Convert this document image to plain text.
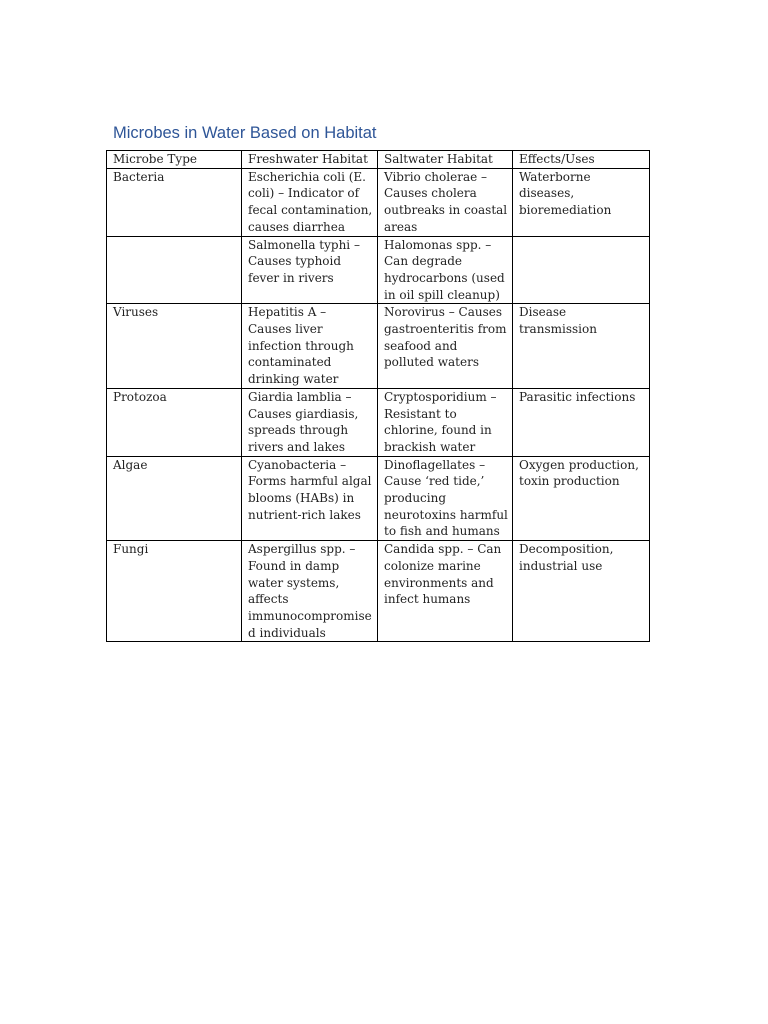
Microbes in Water Based on Habitat
Microbe Type	Freshwater Habitat	Saltwater Habitat	Effects/Uses
Bacteria	Escherichia coli (E. coli) – Indicator of fecal contamination, causes diarrhea	Vibrio cholerae – Causes cholera outbreaks in coastal areas	Waterborne diseases, bioremediation
	Salmonella typhi – Causes typhoid fever in rivers	Halomonas spp. – Can degrade hydrocarbons (used in oil spill cleanup)	
Viruses	Hepatitis A – Causes liver infection through contaminated drinking water	Norovirus – Causes gastroenteritis from seafood and polluted waters	Disease transmission
Protozoa	Giardia lamblia – Causes giardiasis, spreads through rivers and lakes	Cryptosporidium – Resistant to chlorine, found in brackish water	Parasitic infections
Algae	Cyanobacteria – Forms harmful algal blooms (HABs) in nutrient-rich lakes	Dinoflagellates – Cause ‘red tide,’ producing neurotoxins harmful to fish and humans	Oxygen production, toxin production
Fungi	Aspergillus spp. – Found in damp water systems, affects immunocompromised individuals	Candida spp. – Can colonize marine environments and infect humans	Decomposition, industrial use
